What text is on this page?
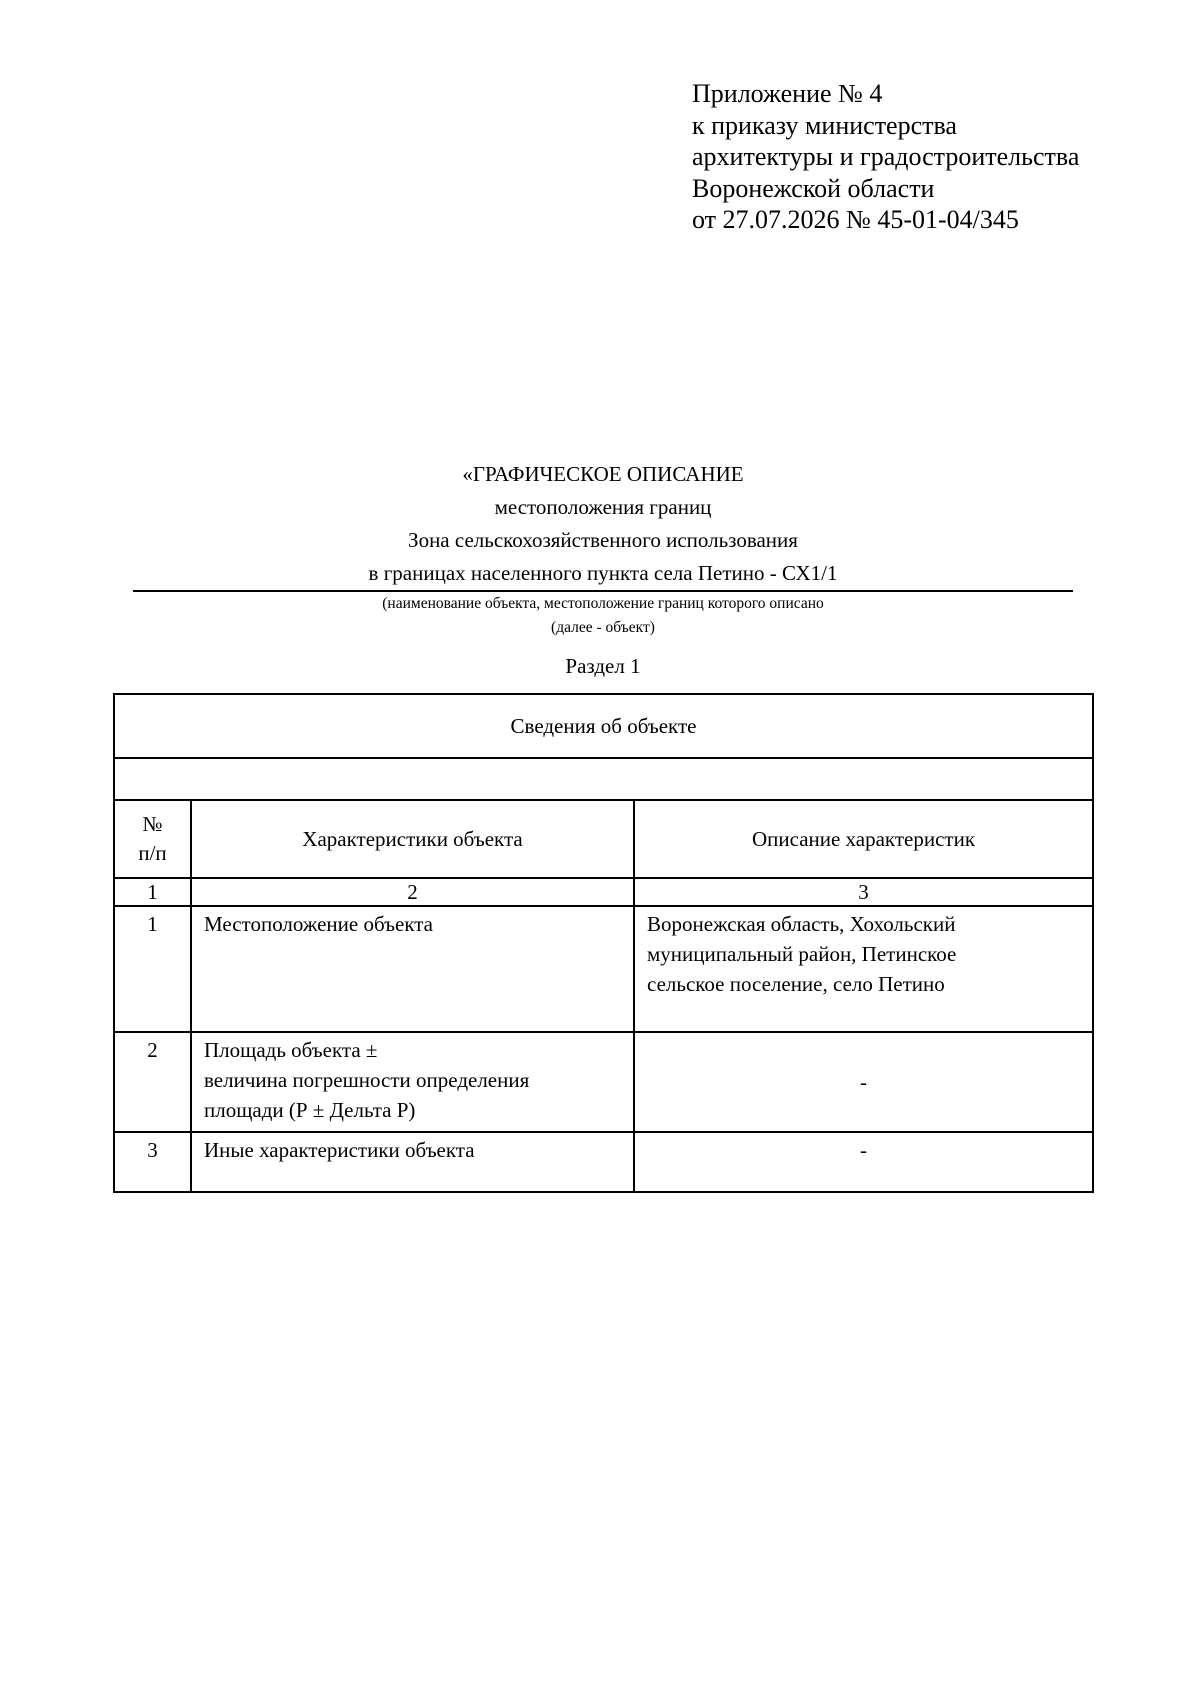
Приложение № 4
к приказу министерства
архитектуры и градостроительства
Воронежской области
от 27.07.2026 № 45-01-04/345
«ГРАФИЧЕСКОЕ ОПИСАНИЕ
местоположения границ
Зона сельскохозяйственного использования
в границах населенного пункта села Петино - СХ1/1
(наименование объекта, местоположение границ которого описано
(далее - объект)
Раздел 1
Сведения об объекте		

№
п/п	Характеристики объекта	Описание характеристик
1	2	3
1	Местоположение объекта	Воронежская область, Хохольский
муниципальный район, Петинское
сельское поселение, село Петино
2	Площадь объекта ±
величина погрешности определения
площади (Р ± Дельта Р)	-
3	Иные характеристики объекта	-
